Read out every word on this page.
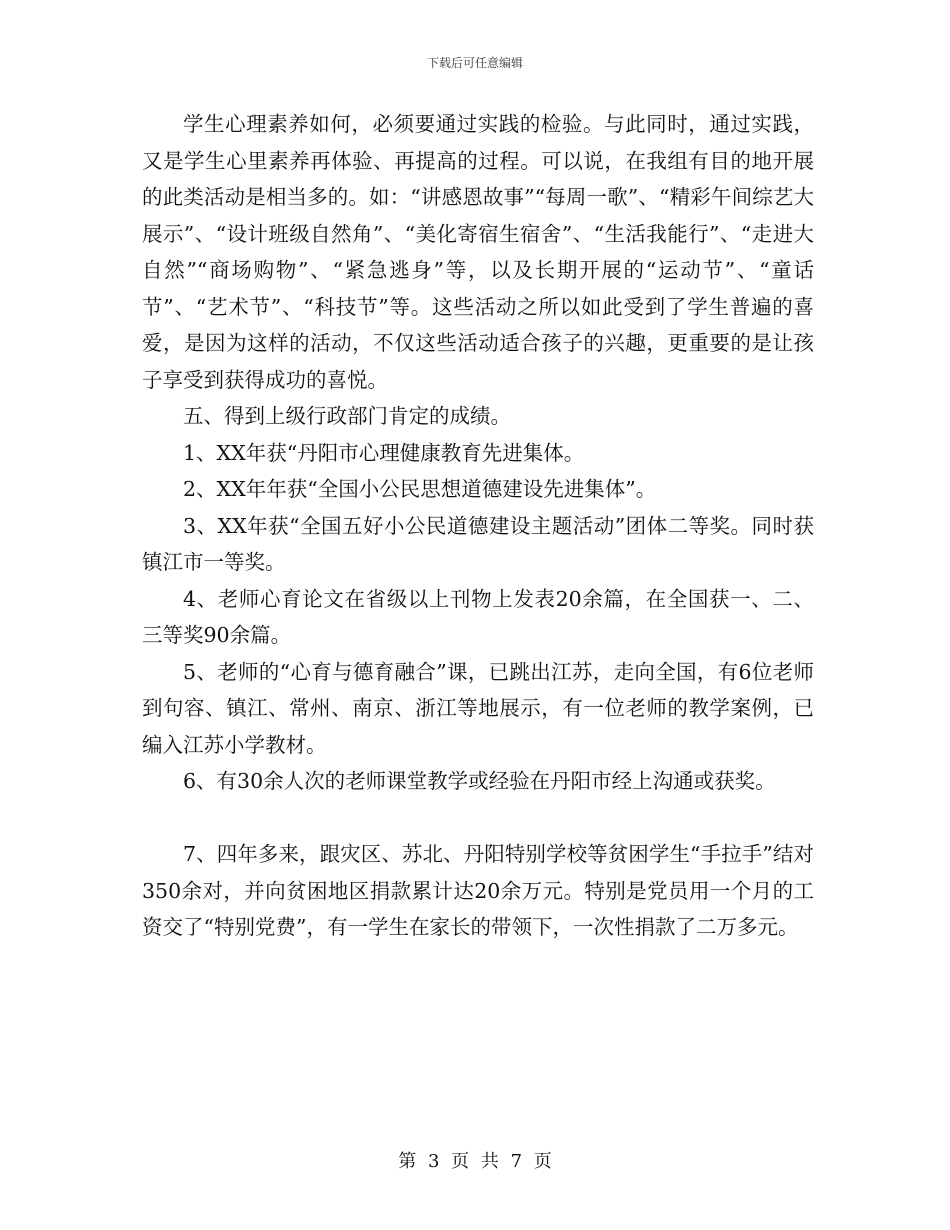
下载后可任意编辑

学生心理素养如何，必须要通过实践的检验。与此同时，通过实践，又是学生心里素养再体验、再提高的过程。可以说，在我组有目的地开展的此类活动是相当多的。如：“讲感恩故事”“每周一歌”、“精彩午间综艺大展示”、“设计班级自然角”、“美化寄宿生宿舍”、“生活我能行”、“走进大自然”“商场购物”、“紧急逃身”等，以及长期开展的“运动节”、“童话节”、“艺术节”、“科技节”等。这些活动之所以如此受到了学生普遍的喜爱，是因为这样的活动，不仅这些活动适合孩子的兴趣，更重要的是让孩子享受到获得成功的喜悦。

五、得到上级行政部门肯定的成绩。

1、XX年获“丹阳市心理健康教育先进集体。

2、XX年年获“全国小公民思想道德建设先进集体”。

3、XX年获“全国五好小公民道德建设主题活动”团体二等奖。同时获镇江市一等奖。

4、老师心育论文在省级以上刊物上发表20余篇，在全国获一、二、三等奖90余篇。

5、老师的“心育与德育融合”课，已跳出江苏，走向全国，有6位老师到句容、镇江、常州、南京、浙江等地展示，有一位老师的教学案例，已编入江苏小学教材。

6、有30余人次的老师课堂教学或经验在丹阳市经上沟通或获奖。

7、四年多来，跟灾区、苏北、丹阳特别学校等贫困学生“手拉手”结对350余对，并向贫困地区捐款累计达20余万元。特别是党员用一个月的工资交了“特别党费”，有一学生在家长的带领下，一次性捐款了二万多元。

第 3 页 共 7 页
